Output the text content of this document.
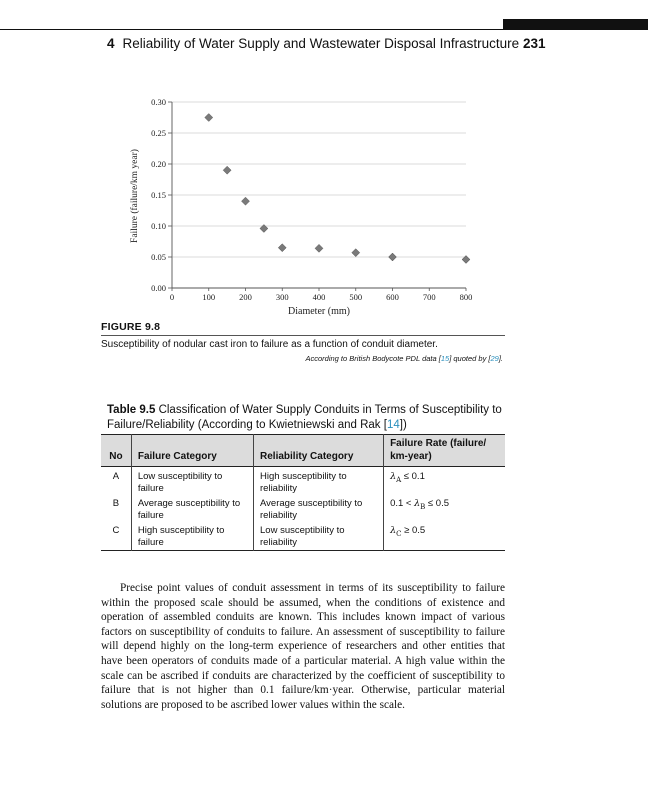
4 Reliability of Water Supply and Wastewater Disposal Infrastructure 231
0.00
0.05
0.10
0.15
0.20
0.25
0.30
0	100	200	300	400	500	600	700	800
Diameter (mm)
Failure (failure/km year)
FIGURE 9.8
Susceptibility of nodular cast iron to failure as a function of conduit diameter.
According to British Bodycote PDL data [15] quoted by [29].
Table 9.5 Classification of Water Supply Conduits in Terms of Susceptibility to Failure/Reliability (According to Kwietniewski and Rak [14])
No	Failure Category	Reliability Category	Failure Rate (failure/ km-year)
A	Low susceptibility to failure	High susceptibility to reliability	$\lambda_A \le 0.1$
B	Average susceptibility to failure	Average susceptibility to reliability	$0.1 < \lambda_B \le 0.5$
C	High susceptibility to failure	Low susceptibility to reliability	$\lambda_C \ge 0.5$

Precise point values of conduit assessment in terms of its susceptibility to failure within the proposed scale should be assumed, when the conditions of existence and operation of assembled conduits are known. This includes known impact of various factors on susceptibility of conduits to failure. An assessment of susceptibility to failure will depend highly on the long-term experience of researchers and other entities that have been operators of conduits made of a particular material. A high value within the scale can be ascribed if conduits are characterized by the coefficient of susceptibility to failure that is not higher than 0.1 failure/km·year. Otherwise, particular material solutions are proposed to be ascribed lower values within the scale.
